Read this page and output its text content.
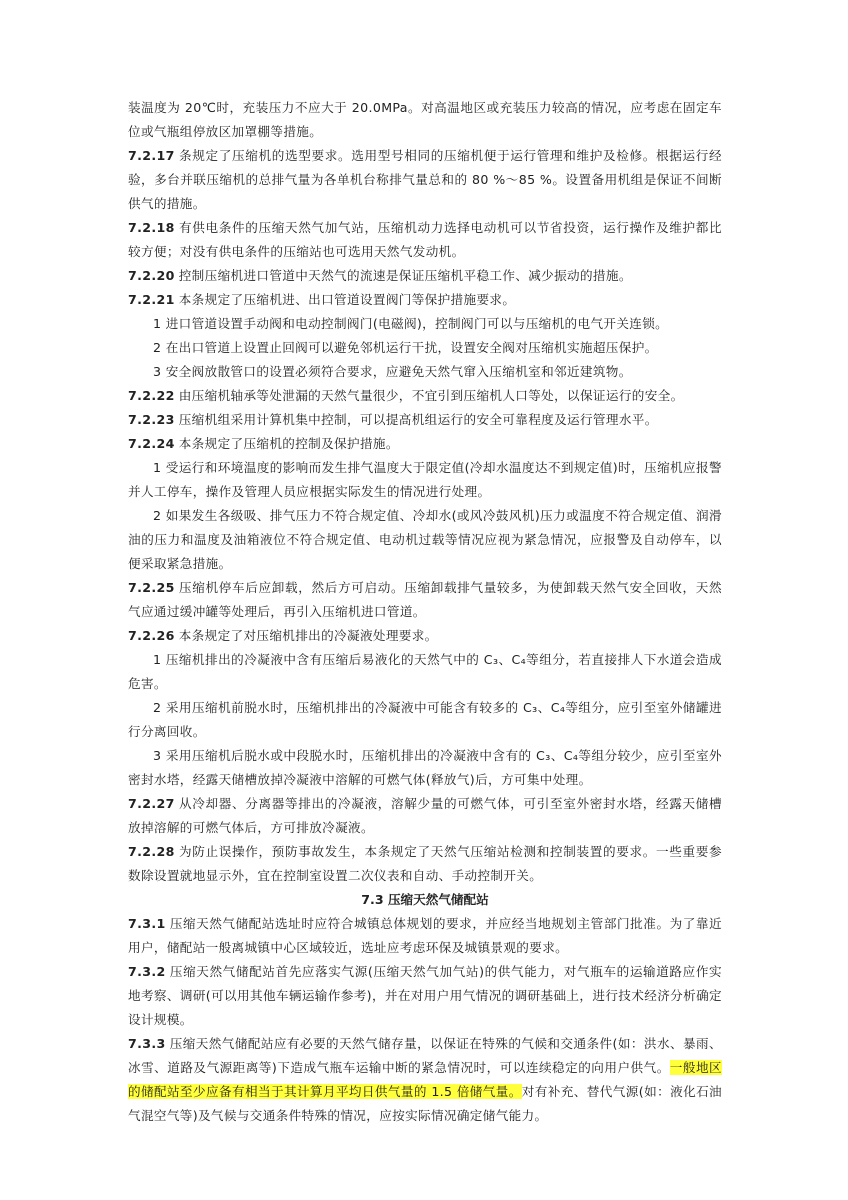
装温度为 20℃时，充装压力不应大于 20.0MPa。对高温地区或充装压力较高的情况，应考虑在固定车位或气瓶组停放区加罩棚等措施。

7.2.17 条规定了压缩机的选型要求。选用型号相同的压缩机便于运行管理和维护及检修。根据运行经验，多台并联压缩机的总排气量为各单机台称排气量总和的 80 %～85 %。设置备用机组是保证不间断供气的措施。

7.2.18 有供电条件的压缩天然气加气站，压缩机动力选择电动机可以节省投资，运行操作及维护都比较方便；对没有供电条件的压缩站也可选用天然气发动机。

7.2.20 控制压缩机进口管道中天然气的流速是保证压缩机平稳工作、减少振动的措施。

7.2.21 本条规定了压缩机进、出口管道设置阀门等保护措施要求。

1 进口管道设置手动阀和电动控制阀门(电磁阀)，控制阀门可以与压缩机的电气开关连锁。

2 在出口管道上设置止回阀可以避免邻机运行干扰，设置安全阀对压缩机实施超压保护。

3 安全阀放散管口的设置必须符合要求，应避免天然气窜入压缩机室和邻近建筑物。

7.2.22 由压缩机轴承等处泄漏的天然气量很少，不宜引到压缩机人口等处，以保证运行的安全。

7.2.23 压缩机组采用计算机集中控制，可以提高机组运行的安全可靠程度及运行管理水平。

7.2.24 本条规定了压缩机的控制及保护措施。

1 受运行和环境温度的影响而发生排气温度大于限定值(冷却水温度达不到规定值)时，压缩机应报警并人工停车，操作及管理人员应根据实际发生的情况进行处理。

2 如果发生各级吸、排气压力不符合规定值、冷却水(或风冷鼓风机)压力或温度不符合规定值、润滑油的压力和温度及油箱液位不符合规定值、电动机过载等情况应视为紧急情况，应报警及自动停车，以便采取紧急措施。

7.2.25 压缩机停车后应卸载，然后方可启动。压缩卸载排气量较多，为使卸载天然气安全回收，天然气应通过缓冲罐等处理后，再引入压缩机进口管道。

7.2.26 本条规定了对压缩机排出的冷凝液处理要求。

1 压缩机排出的冷凝液中含有压缩后易液化的天然气中的 C₃、C₄等组分，若直接排人下水道会造成危害。

2 采用压缩机前脱水时，压缩机排出的冷凝液中可能含有较多的 C₃、C₄等组分，应引至室外储罐进行分离回收。

3 采用压缩机后脱水或中段脱水时，压缩机排出的冷凝液中含有的 C₃、C₄等组分较少，应引至室外密封水塔，经露天储槽放掉冷凝液中溶解的可燃气体(释放气)后，方可集中处理。

7.2.27 从冷却器、分离器等排出的冷凝液，溶解少量的可燃气体，可引至室外密封水塔，经露天储槽放掉溶解的可燃气体后，方可排放冷凝液。

7.2.28 为防止误操作，预防事故发生，本条规定了天然气压缩站检测和控制装置的要求。一些重要参数除设置就地显示外，宜在控制室设置二次仪表和自动、手动控制开关。

7.3 压缩天然气储配站

7.3.1 压缩天然气储配站选址时应符合城镇总体规划的要求，并应经当地规划主管部门批准。为了靠近用户，储配站一般离城镇中心区域较近，选址应考虑环保及城镇景观的要求。

7.3.2 压缩天然气储配站首先应落实气源(压缩天然气加气站)的供气能力，对气瓶车的运输道路应作实地考察、调研(可以用其他车辆运输作参考)，并在对用户用气情况的调研基础上，进行技术经济分析确定设计规模。

7.3.3 压缩天然气储配站应有必要的天然气储存量，以保证在特殊的气候和交通条件(如：洪水、暴雨、冰雪、道路及气源距离等)下造成气瓶车运输中断的紧急情况时，可以连续稳定的向用户供气。一般地区的储配站至少应备有相当于其计算月平均日供气量的 1.5 倍储气量。对有补充、替代气源(如：液化石油气混空气等)及气候与交通条件特殊的情况，应按实际情况确定储气能力。
